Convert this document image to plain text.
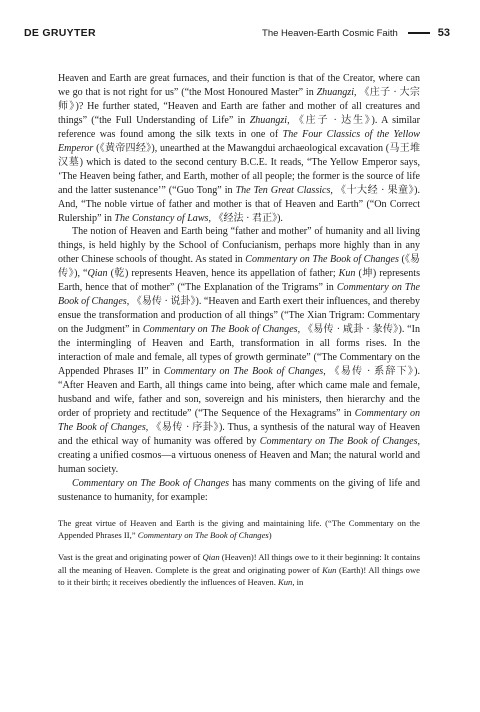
DE GRUYTER	The Heaven-Earth Cosmic Faith	53

Heaven and Earth are great furnaces, and their function is that of the Creator, where can we go that is not right for us” (“the Most Honoured Master” in Zhuangzi, 《庄子 · 大宗师》)? He further stated, “Heaven and Earth are father and mother of all creatures and things” (“the Full Understanding of Life” in Zhuangzi, 《庄子 · 达生》). A similar reference was found among the silk texts in one of The Four Classics of the Yellow Emperor (《黄帝四经》), unearthed at the Mawangdui archaeological excavation (马王堆汉墓) which is dated to the second century B.C.E. It reads, “The Yellow Emperor says, ‘The Heaven being father, and Earth, mother of all people; the former is the source of life and the latter sustenance’” (“Guo Tong” in The Ten Great Classics, 《十大经 · 果童》). And, “The noble virtue of father and mother is that of Heaven and Earth” (“On Correct Rulership” in The Constancy of Laws, 《经法 · 君正》).

The notion of Heaven and Earth being “father and mother” of humanity and all living things, is held highly by the School of Confucianism, perhaps more highly than in any other Chinese schools of thought. As stated in Commentary on The Book of Changes (《易传》), “Qian (乾) represents Heaven, hence its appellation of father; Kun (坤) represents Earth, hence that of mother” (“The Explanation of the Trigrams” in Commentary on The Book of Changes, 《易传 · 说卦》). “Heaven and Earth exert their influences, and thereby ensue the transformation and production of all things” (“The Xian Trigram: Commentary on the Judgment” in Commentary on The Book of Changes, 《易传 · 咸卦 · 彖传》). “In the intermingling of Heaven and Earth, transformation in all forms rises. In the interaction of male and female, all types of growth germinate” (“The Commentary on the Appended Phrases II” in Commentary on The Book of Changes, 《易传 · 系辞下》). “After Heaven and Earth, all things came into being, after which came male and female, husband and wife, father and son, sovereign and his ministers, then hierarchy and the order of propriety and rectitude” (“The Sequence of the Hexagrams” in Commentary on The Book of Changes, 《易传 · 序卦》). Thus, a synthesis of the natural way of Heaven and the ethical way of humanity was offered by Commentary on The Book of Changes, creating a unified cosmos—a virtuous oneness of Heaven and Man; the natural world and human society.

Commentary on The Book of Changes has many comments on the giving of life and sustenance to humanity, for example:

The great virtue of Heaven and Earth is the giving and maintaining life. (“The Commentary on the Appended Phrases II,” Commentary on The Book of Changes)

Vast is the great and originating power of Qian (Heaven)! All things owe to it their beginning: It contains all the meaning of Heaven. Complete is the great and originating power of Kun (Earth)! All things owe to it their birth; it receives obediently the influences of Heaven. Kun, in
